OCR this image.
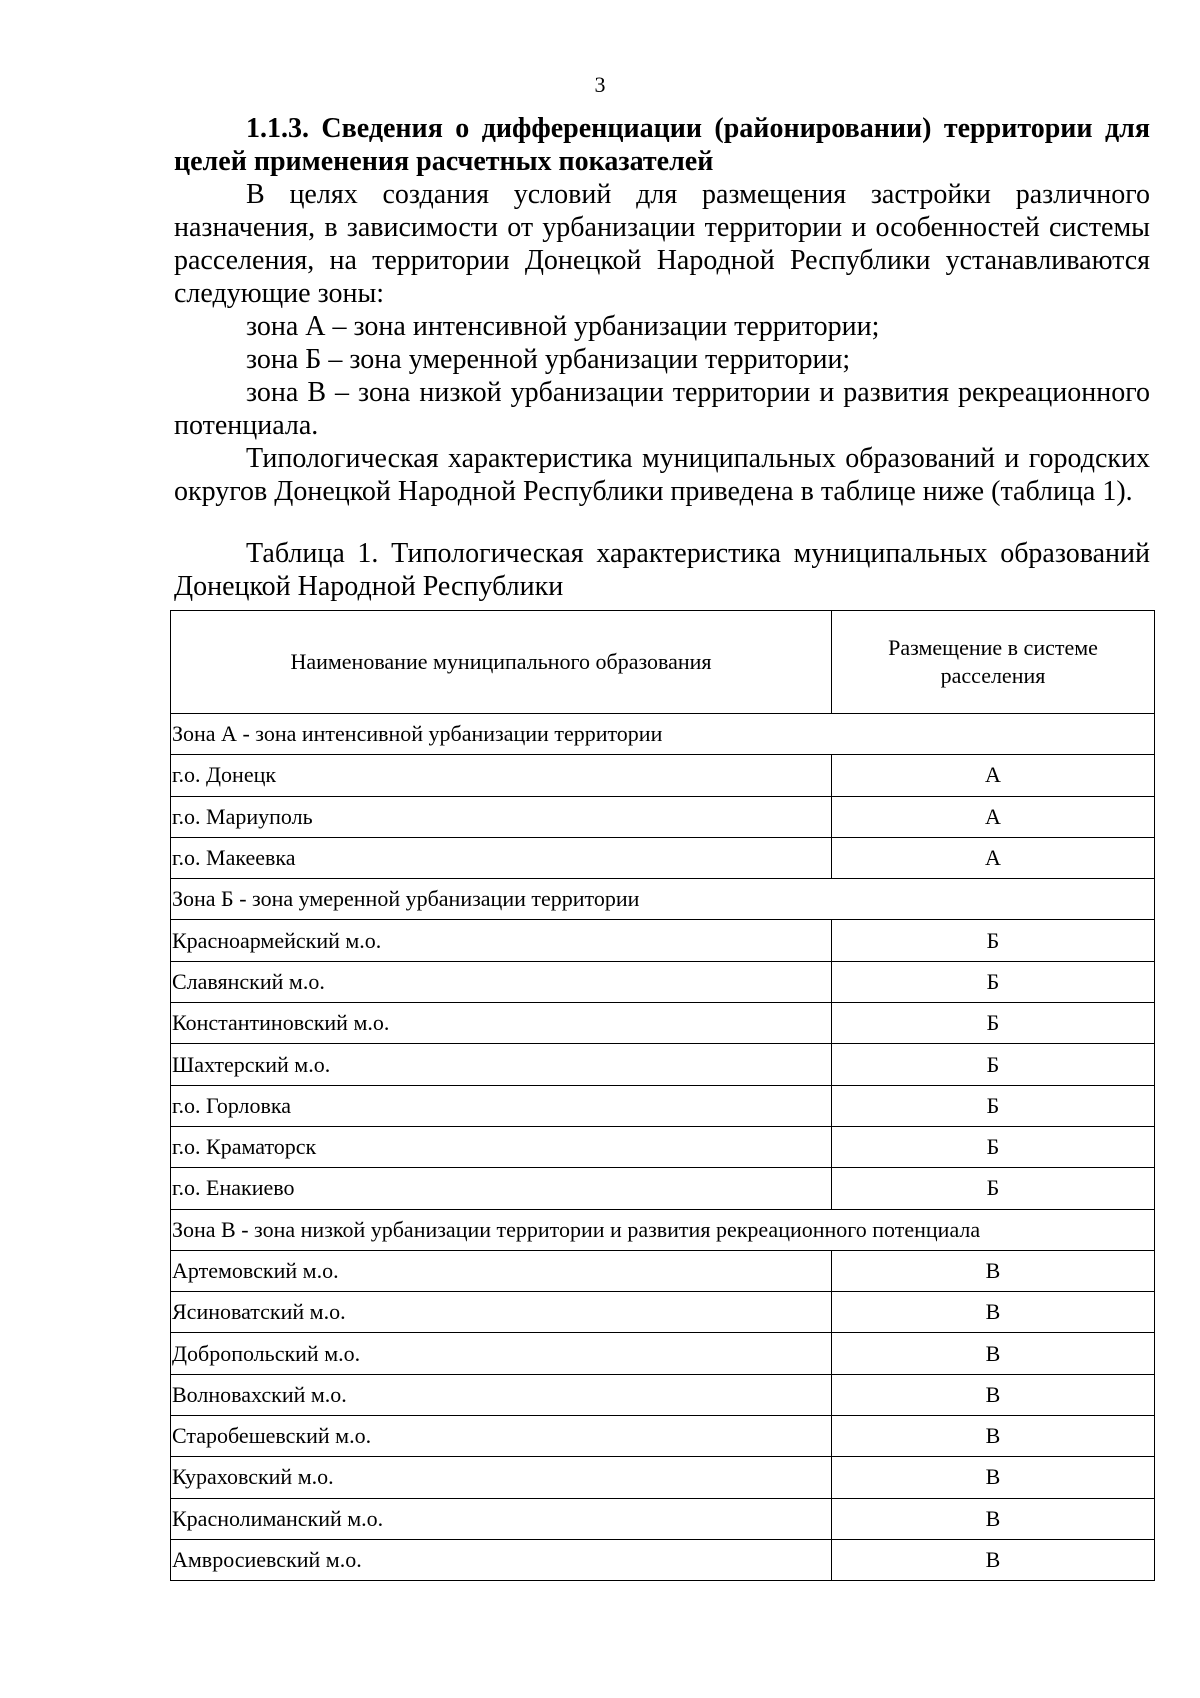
3

1.1.3. Сведения о дифференциации (районировании) территории для целей применения расчетных показателей

В целях создания условий для размещения застройки различного назначения, в зависимости от урбанизации территории и особенностей системы расселения, на территории Донецкой Народной Республики устанавливаются следующие зоны:

зона А – зона интенсивной урбанизации территории;

зона Б – зона умеренной урбанизации территории;

зона В – зона низкой урбанизации территории и развития рекреационного потенциала.

Типологическая характеристика муниципальных образований и городских округов Донецкой Народной Республики приведена в таблице ниже (таблица 1).

Таблица 1. Типологическая характеристика муниципальных образований Донецкой Народной Республики

Наименование муниципального образования	Размещение в системе расселения
Зона А - зона интенсивной урбанизации территории	
г.о. Донецк	А
г.о. Мариуполь	А
г.о. Макеевка	А
Зона Б - зона умеренной урбанизации территории	
Красноармейский м.о.	Б
Славянский м.о.	Б
Константиновский м.о.	Б
Шахтерский м.о.	Б
г.о. Горловка	Б
г.о. Краматорск	Б
г.о. Енакиево	Б
Зона В - зона низкой урбанизации территории и развития рекреационного потенциала	
Артемовский м.о.	В
Ясиноватский м.о.	В
Добропольский м.о.	В
Волновахский м.о.	В
Старобешевский м.о.	В
Кураховский м.о.	В
Краснолиманский м.о.	В
Амвросиевский м.о.	В
